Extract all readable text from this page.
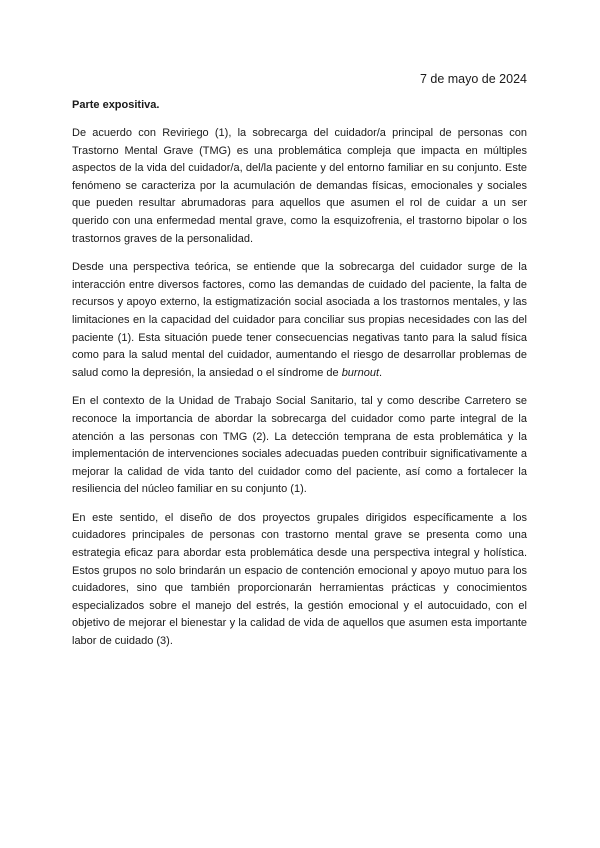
7 de mayo de 2024
Parte expositiva.

De acuerdo con Reviriego (1), la sobrecarga del cuidador/a principal de personas con Trastorno Mental Grave (TMG) es una problemática compleja que impacta en múltiples aspectos de la vida del cuidador/a, del/la paciente y del entorno familiar en su conjunto. Este fenómeno se caracteriza por la acumulación de demandas físicas, emocionales y sociales que pueden resultar abrumadoras para aquellos que asumen el rol de cuidar a un ser querido con una enfermedad mental grave, como la esquizofrenia, el trastorno bipolar o los trastornos graves de la personalidad.

Desde una perspectiva teórica, se entiende que la sobrecarga del cuidador surge de la interacción entre diversos factores, como las demandas de cuidado del paciente, la falta de recursos y apoyo externo, la estigmatización social asociada a los trastornos mentales, y las limitaciones en la capacidad del cuidador para conciliar sus propias necesidades con las del paciente (1). Esta situación puede tener consecuencias negativas tanto para la salud física como para la salud mental del cuidador, aumentando el riesgo de desarrollar problemas de salud como la depresión, la ansiedad o el síndrome de burnout.

En el contexto de la Unidad de Trabajo Social Sanitario, tal y como describe Carretero se reconoce la importancia de abordar la sobrecarga del cuidador como parte integral de la atención a las personas con TMG (2). La detección temprana de esta problemática y la implementación de intervenciones sociales adecuadas pueden contribuir significativamente a mejorar la calidad de vida tanto del cuidador como del paciente, así como a fortalecer la resiliencia del núcleo familiar en su conjunto (1).

En este sentido, el diseño de dos proyectos grupales dirigidos específicamente a los cuidadores principales de personas con trastorno mental grave se presenta como una estrategia eficaz para abordar esta problemática desde una perspectiva integral y holística. Estos grupos no solo brindarán un espacio de contención emocional y apoyo mutuo para los cuidadores, sino que también proporcionarán herramientas prácticas y conocimientos especializados sobre el manejo del estrés, la gestión emocional y el autocuidado, con el objetivo de mejorar el bienestar y la calidad de vida de aquellos que asumen esta importante labor de cuidado (3).
